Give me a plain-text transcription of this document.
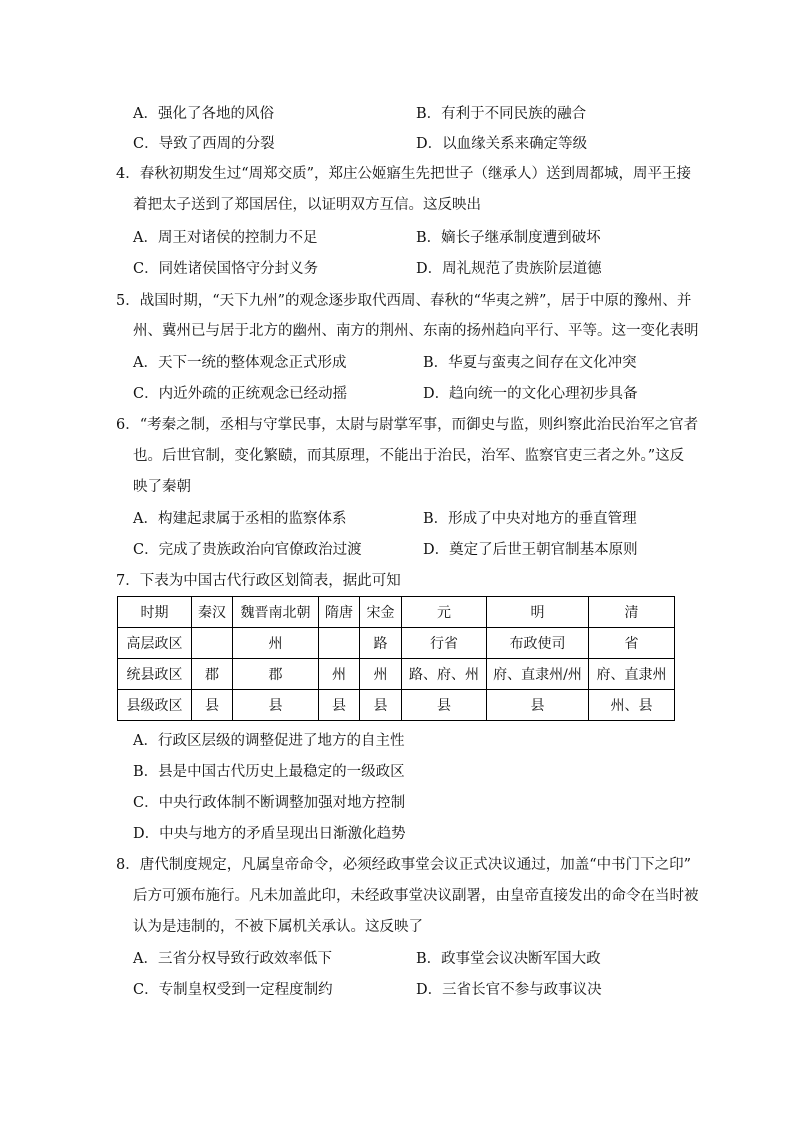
A．强化了各地的风俗	B．有利于不同民族的融合
C．导致了西周的分裂	D．以血缘关系来确定等级
4．春秋初期发生过“周郑交质”，郑庄公姬寤生先把世子（继承人）送到周都城，周平王接
着把太子送到了郑国居住，以证明双方互信。这反映出
A．周王对诸侯的控制力不足	B．嫡长子继承制度遭到破坏
C．同姓诸侯国恪守分封义务	D．周礼规范了贵族阶层道德
5．战国时期，“天下九州”的观念逐步取代西周、春秋的“华夷之辨”，居于中原的豫州、并
州、冀州已与居于北方的幽州、南方的荆州、东南的扬州趋向平行、平等。这一变化表明
A．天下一统的整体观念正式形成	B．华夏与蛮夷之间存在文化冲突
C．内近外疏的正统观念已经动摇	D．趋向统一的文化心理初步具备
6．“考秦之制，丞相与守掌民事，太尉与尉掌军事，而御史与监，则纠察此治民治军之官者
也。后世官制，变化繁赜，而其原理，不能出于治民，治军、监察官吏三者之外。”这反
映了秦朝
A．构建起隶属于丞相的监察体系	B．形成了中央对地方的垂直管理
C．完成了贵族政治向官僚政治过渡	D．奠定了后世王朝官制基本原则
7．下表为中国古代行政区划简表，据此可知
时期	秦汉	魏晋南北朝	隋唐	宋金	元	明	清
高层政区		州		路	行省	布政使司	省
统县政区	郡	郡	州	州	路、府、州	府、直隶州/州	府、直隶州
县级政区	县	县	县	县	县	县	州、县
A．行政区层级的调整促进了地方的自主性
B．县是中国古代历史上最稳定的一级政区
C．中央行政体制不断调整加强对地方控制
D．中央与地方的矛盾呈现出日渐激化趋势
8．唐代制度规定，凡属皇帝命令，必须经政事堂会议正式决议通过，加盖“中书门下之印”
后方可颁布施行。凡未加盖此印，未经政事堂决议副署，由皇帝直接发出的命令在当时被
认为是违制的，不被下属机关承认。这反映了
A．三省分权导致行政效率低下	B．政事堂会议决断军国大政
C．专制皇权受到一定程度制约	D．三省长官不参与政事议决
